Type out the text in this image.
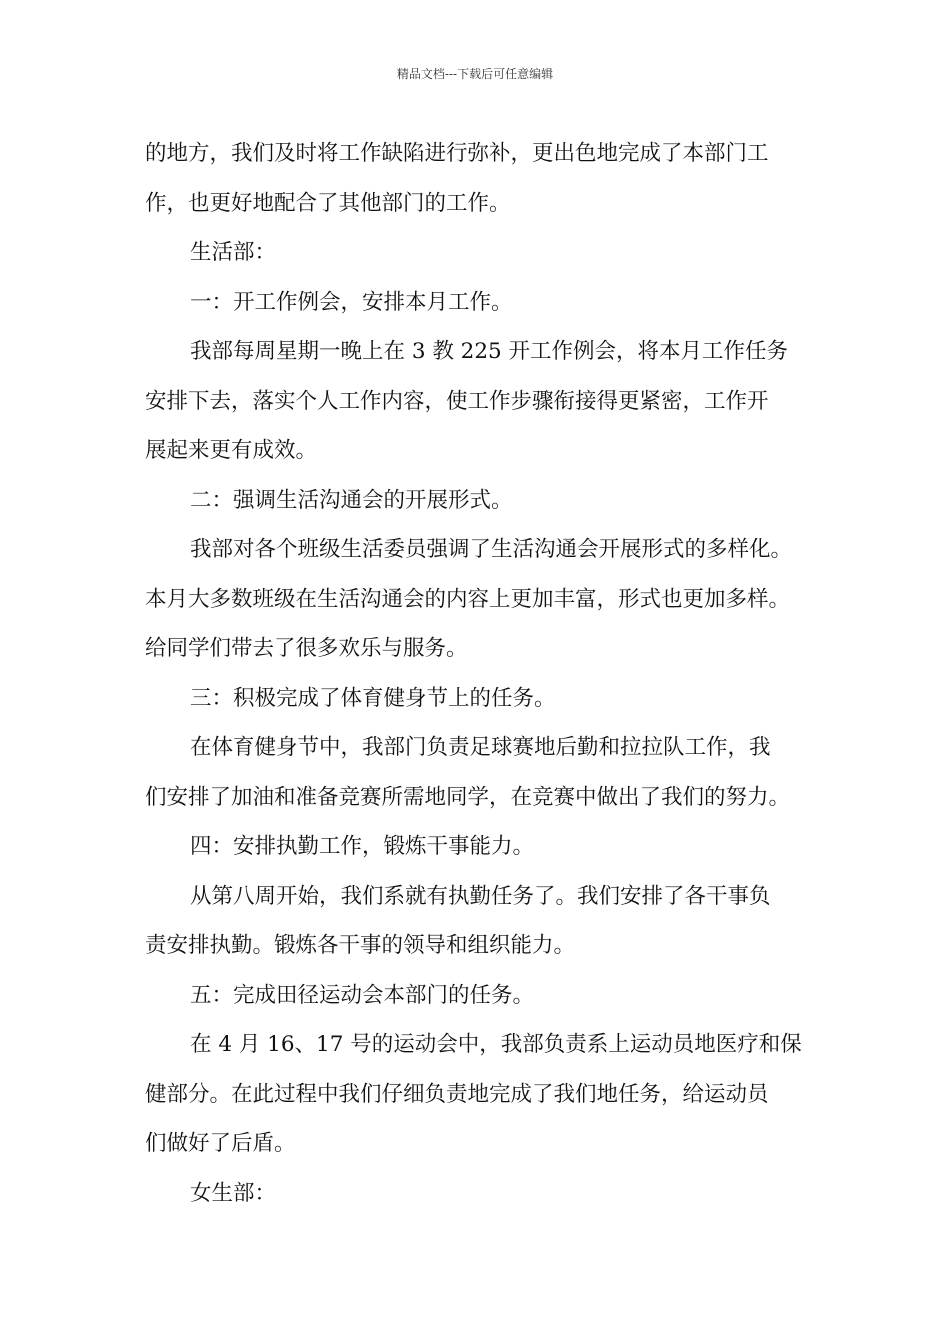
精品文档---下载后可任意编辑
的地方，我们及时将工作缺陷进行弥补，更出色地完成了本部门工
作，也更好地配合了其他部门的工作。
生活部：
一：开工作例会，安排本月工作。
我部每周星期一晚上在 3 教 225 开工作例会，将本月工作任务
安排下去，落实个人工作内容，使工作步骤衔接得更紧密，工作开
展起来更有成效。
二：强调生活沟通会的开展形式。
我部对各个班级生活委员强调了生活沟通会开展形式的多样化。
本月大多数班级在生活沟通会的内容上更加丰富，形式也更加多样。
给同学们带去了很多欢乐与服务。
三：积极完成了体育健身节上的任务。
在体育健身节中，我部门负责足球赛地后勤和拉拉队工作，我
们安排了加油和准备竞赛所需地同学，在竞赛中做出了我们的努力。
四：安排执勤工作，锻炼干事能力。
从第八周开始，我们系就有执勤任务了。我们安排了各干事负
责安排执勤。锻炼各干事的领导和组织能力。
五：完成田径运动会本部门的任务。
在 4 月 16、17 号的运动会中，我部负责系上运动员地医疗和保
健部分。在此过程中我们仔细负责地完成了我们地任务，给运动员
们做好了后盾。
女生部：
